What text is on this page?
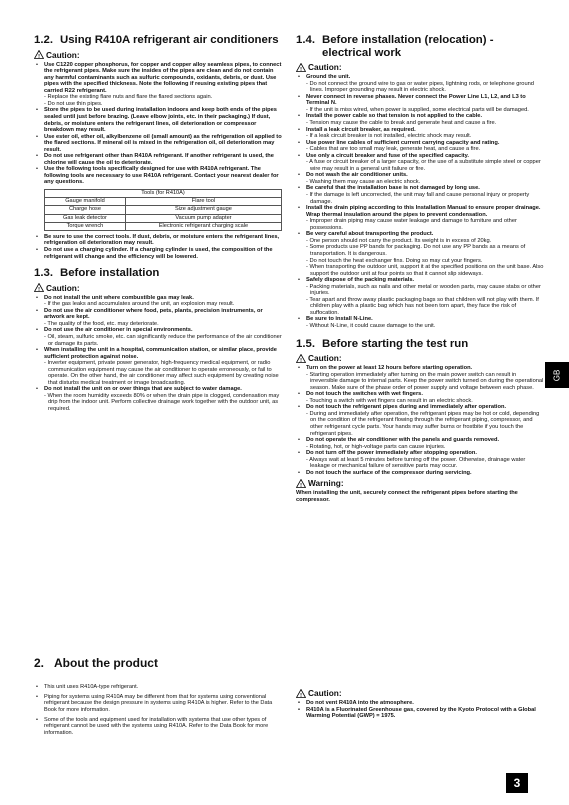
1.2. Using R410A refrigerant air conditioners
! Caution:
• Use C1220 copper phosphorus, for copper and copper alloy seamless pipes, to connect the refrigerant pipes. Make sure the insides of the pipes are clean and do not contain any harmful contaminants such as sulfuric compounds, oxidants, debris, or dust. Use pipes with the specified thickness. Note the following if reusing existing pipes that carried R22 refrigerant.
- Replace the existing flare nuts and flare the flared sections again.
- Do not use thin pipes.
• Store the pipes to be used during installation indoors and keep both ends of the pipes sealed until just before brazing. (Leave elbow joints, etc. in their packaging.) If dust, debris, or moisture enters the refrigerant lines, oil deterioration or compressor breakdown may result.
• Use ester oil, ether oil, alkylbenzene oil (small amount) as the refrigeration oil applied to the flared sections. If mineral oil is mixed in the refrigeration oil, oil deterioration may result.
• Do not use refrigerant other than R410A refrigerant. If another refrigerant is used, the chlorine will cause the oil to deteriorate.
• Use the following tools specifically designed for use with R410A refrigerant. The following tools are necessary to use R410A refrigerant. Contact your nearest dealer for any questions.
Tools (for R410A)	
Gauge manifold	Flare tool
Charge hose	Size adjustment gauge
Gas leak detector	Vacuum pump adapter
Torque wrench	Electronic refrigerant charging scale
• Be sure to use the correct tools. If dust, debris, or moisture enters the refrigerant lines, refrigeration oil deterioration may result.
• Do not use a charging cylinder. If a charging cylinder is used, the composition of the refrigerant will change and the efficiency will be lowered.
1.3. Before installation
! Caution:
• Do not install the unit where combustible gas may leak.
- If the gas leaks and accumulates around the unit, an explosion may result.
• Do not use the air conditioner where food, pets, plants, precision instruments, or artwork are kept.
- The quality of the food, etc. may deteriorate.
• Do not use the air conditioner in special environments.
- Oil, steam, sulfuric smoke, etc. can significantly reduce the performance of the air conditioner or damage its parts.
• When installing the unit in a hospital, communication station, or similar place, provide sufficient protection against noise.
- Inverter equipment, private power generator, high-frequency medical equipment, or radio communication equipment may cause the air conditioner to operate erroneously, or fail to operate. On the other hand, the air conditioner may affect such equipment by creating noise that disturbs medical treatment or image broadcasting.
• Do not install the unit on or over things that are subject to water damage.
- When the room humidity exceeds 80% or when the drain pipe is clogged, condensation may drip from the indoor unit. Perform collective drainage work together with the outdoor unit, as required.
1.4. Before installation (relocation) - electrical work
! Caution:
• Ground the unit.
- Do not connect the ground wire to gas or water pipes, lightning rods, or telephone ground lines. Improper grounding may result in electric shock.
• Never connect in reverse phases. Never connect the Power Line L1, L2, and L3 to Terminal N.
- If the unit is miss wired, when power is supplied, some electrical parts will be damaged.
• Install the power cable so that tension is not applied to the cable.
- Tension may cause the cable to break and generate heat and cause a fire.
• Install a leak circuit breaker, as required.
- If a leak circuit breaker is not installed, electric shock may result.
• Use power line cables of sufficient current carrying capacity and rating.
- Cables that are too small may leak, generate heat, and cause a fire.
• Use only a circuit breaker and fuse of the specified capacity.
- A fuse or circuit breaker of a larger capacity, or the use of a substitute simple steel or copper wire may result in a general unit failure or fire.
• Do not wash the air conditioner units.
- Washing them may cause an electric shock.
• Be careful that the installation base is not damaged by long use.
- If the damage is left uncorrected, the unit may fall and cause personal injury or property damage.
• Install the drain piping according to this Installation Manual to ensure proper drainage. Wrap thermal insulation around the pipes to prevent condensation.
- Improper drain piping may cause water leakage and damage to furniture and other possessions.
• Be very careful about transporting the product.
- One person should not carry the product. Its weight is in excess of 20kg.
- Some products use PP bands for packaging. Do not use any PP bands as a means of transportation. It is dangerous.
- Do not touch the heat exchanger fins. Doing so may cut your fingers.
- When transporting the outdoor unit, support it at the specified positions on the unit base. Also support the outdoor unit at four points so that it cannot slip sideways.
• Safely dispose of the packing materials.
- Packing materials, such as nails and other metal or wooden parts, may cause stabs or other injuries.
- Tear apart and throw away plastic packaging bags so that children will not play with them. If children play with a plastic bag which has not been torn apart, they face the risk of suffocation.
• Be sure to install N-Line.
- Without N-Line, it could cause damage to the unit.
1.5. Before starting the test run
! Caution:
• Turn on the power at least 12 hours before starting operation.
- Starting operation immediately after turning on the main power switch can result in irreversible damage to internal parts. Keep the power switch turned on during the operational season. Make sure of the phase order of power supply and voltage between each phase.
• Do not touch the switches with wet fingers.
- Touching a switch with wet fingers can result in an electric shock.
• Do not touch the refrigerant pipes during and immediately after operation.
- During and immediately after operation, the refrigerant pipes may be hot or cold, depending on the condition of the refrigerant flowing through the refrigerant piping, compressor, and other refrigerant cycle parts. Your hands may suffer burns or frostbite if you touch the refrigerant pipes.
• Do not operate the air conditioner with the panels and guards removed.
- Rotating, hot, or high-voltage parts can cause injuries.
• Do not turn off the power immediately after stopping operation.
- Always wait at least 5 minutes before turning off the power. Otherwise, drainage water leakage or mechanical failure of sensitive parts may occur.
• Do not touch the surface of the compressor during servicing.
! Warning:
When installing the unit, securely connect the refrigerant pipes before starting the compressor.
2. About the product
• This unit uses R410A-type refrigerant.
• Piping for systems using R410A may be different from that for systems using conventional refrigerant because the design pressure in systems using R410A is higher. Refer to the Data Book for more information.
• Some of the tools and equipment used for installation with systems that use other types of refrigerant cannot be used with the systems using R410A. Refer to the Data Book for more information.
! Caution:
• Do not vent R410A into the atmosphere.
• R410A is a Fluorinated Greenhouse gas, covered by the Kyoto Protocol with a Global Warming Potential (GWP) = 1975.
GB
3
